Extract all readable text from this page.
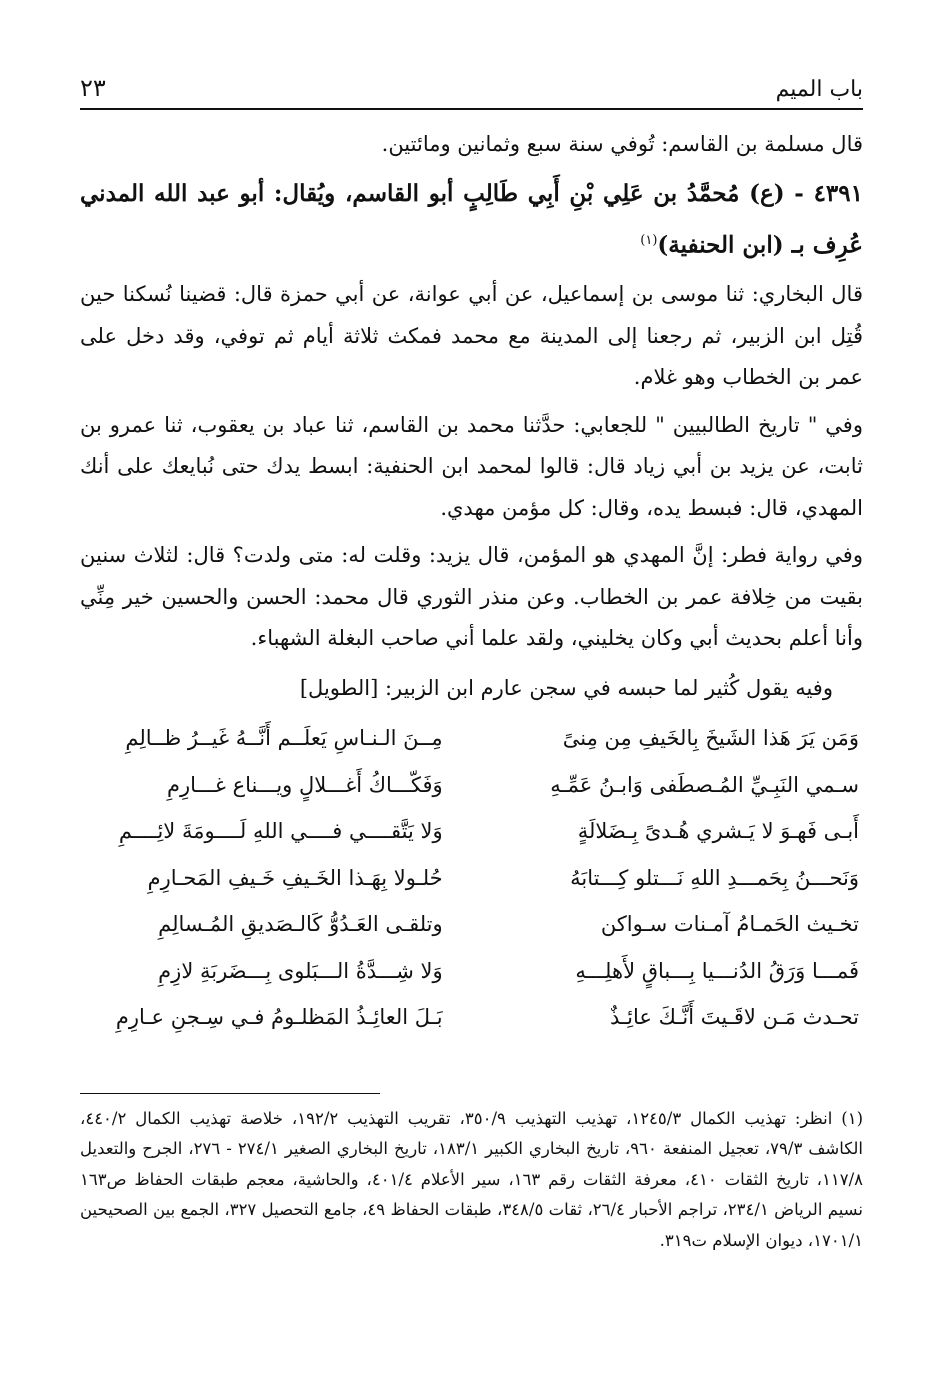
باب الميم
٢٣

قال مسلمة بن القاسم: تُوفي سنة سبع وثمانين ومائتين.

٤٣٩١ - (ع) مُحمَّدُ بن عَلِي بْنِ أَبِي طَالِبٍ أبو القاسم، ويُقال: أبو عبد الله المدني عُرِف بـ (ابن الحنفية)$^{(١)}$

قال البخاري: ثنا موسى بن إسماعيل، عن أبي عوانة، عن أبي حمزة قال: قضينا نُسكنا حين قُتِل ابن الزبير، ثم رجعنا إلى المدينة مع محمد فمكث ثلاثة أيام ثم توفي، وقد دخل على عمر بن الخطاب وهو غلام.

وفي " تاريخ الطالبيين " للجعابي: حدَّثنا محمد بن القاسم، ثنا عباد بن يعقوب، ثنا عمرو بن ثابت، عن يزيد بن أبي زياد قال: قالوا لمحمد ابن الحنفية: ابسط يدك حتى نُبايعك على أنك المهدي، قال: فبسط يده، وقال: كل مؤمن مهدي.

وفي رواية فطر: إنَّ المهدي هو المؤمن، قال يزيد: وقلت له: متى ولدت؟ قال: لثلاث سنين بقيت من خِلافة عمر بن الخطاب. وعن منذر الثوري قال محمد: الحسن والحسين خير مِنِّي وأنا أعلم بحديث أبي وكان يخليني، ولقد علما أني صاحب البغلة الشهباء.

وفيه يقول كُثير لما حبسه في سجن عارم ابن الزبير: [الطويل]

وَمَن يَرَ هَذا الشَيخَ بِالخَيفِ مِن مِنىً
مِــنَ الـنـاسِ يَعلَــم أَنَّــهُ غَيــرُ ظــالِمِ
سـمي النَبِـيِّ المُـصطَفى وَابـنُ عَمِّـهِ
وَفَكّـــاكُ أَغـــلالٍ ويـــناع غـــارِمِ
أَبـى فَهـوَ لا يَـشري هُـدىً بِـضَلالَةٍ
وَلا يَتَّقــــي فــــي اللهِ لَــــومَةَ لائِــــمِ
وَنَحـــنُ بِحَمـــدِ اللهِ نَـــتلو كِـــتابَهُ
حُلـولا بِهَـذا الخَـيفِ خَـيفِ المَحـارِمِ
تخـيث الحَمـامُ آمـنات سـواكن
وتلقـى العَـدُوُّ كَالـصَديقِ المُـسالِمِ
فَمـــا وَرَقُ الدُنـــيا بِـــباقٍ لأَهلِـــهِ
وَلا شِـــدَّةُ الـــبَلوى بِـــضَربَةِ لازِمِ
تحـدث مَـن لاقَـيتَ أَنَّـكَ عائِـذٌ
بَـلَ العائِـذُ المَظلـومُ فـي سِـجنِ عـارِمِ

(١) انظر: تهذيب الكمال ١٢٤٥/٣، تهذيب التهذيب ٣٥٠/٩، تقريب التهذيب ١٩٢/٢، خلاصة تهذيب الكمال ٤٤٠/٢، الكاشف ٧٩/٣، تعجيل المنفعة ٩٦٠، تاريخ البخاري الكبير ١٨٣/١، تاريخ البخاري الصغير ٢٧٤/١ - ٢٧٦، الجرح والتعديل ١١٧/٨، تاريخ الثقات ٤١٠، معرفة الثقات رقم ١٦٣، سير الأعلام ٤٠١/٤، والحاشية، معجم طبقات الحفاظ ص١٦٣ نسيم الرياض ٢٣٤/١، تراجم الأحبار ٢٦/٤، ثقات ٣٤٨/٥، طبقات الحفاظ ٤٩، جامع التحصيل ٣٢٧، الجمع بين الصحيحين ١٧٠١/١، ديوان الإسلام ت٣١٩.
